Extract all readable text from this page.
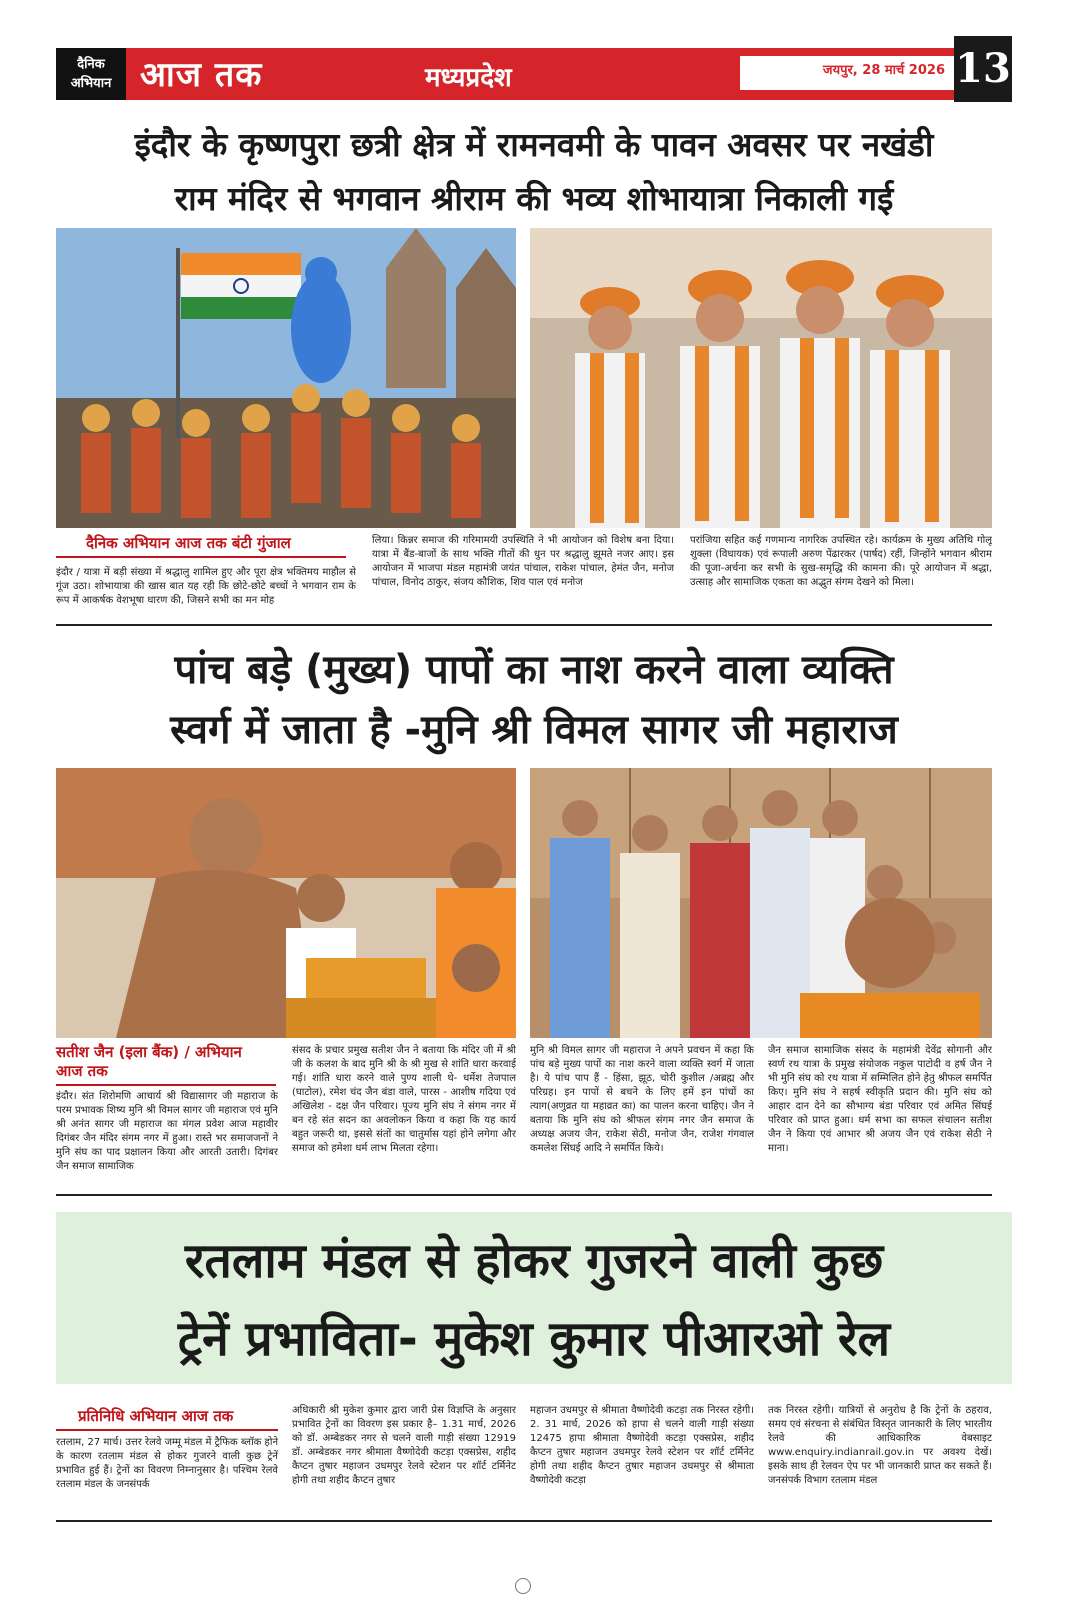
दैनिक
अभियान आज तक	मध्यप्रदेश	जयपुर, 28 मार्च 2026 13
इंदौर के कृष्णपुरा छत्री क्षेत्र में रामनवमी के पावन अवसर पर नखंडी
राम मंदिर से भगवान श्रीराम की भव्य शोभायात्रा निकाली गई
दैनिक अभियान आज तक बंटी गुंजाल
इंदौर / यात्रा में बड़ी संख्या में श्रद्धालु शामिल हुए और पूरा क्षेत्र भक्तिमय माहौल से गूंज उठा। शोभायात्रा की खास बात यह रही कि छोटे-छोटे बच्चों ने भगवान राम के रूप में आकर्षक वेशभूषा धारण की, जिसने सभी का मन मोह
लिया। किन्नर समाज की गरिमामयी उपस्थिति ने भी आयोजन को विशेष बना दिया। यात्रा में बैंड-बाजों के साथ भक्ति गीतों की धुन पर श्रद्धालु झूमते नजर आए। इस आयोजन में भाजपा मंडल महामंत्री जयंत पांचाल, राकेश पांचाल, हेमंत जैन, मनोज पांचाल, विनोद ठाकुर, संजय कौशिक, शिव पाल एवं मनोज
परांजिया सहित कई गणमान्य नागरिक उपस्थित रहे। कार्यक्रम के मुख्य अतिथि गोलू शुक्ला (विधायक) एवं रूपाली अरुण पेंढारकर (पार्षद) रहीं, जिन्होंने भगवान श्रीराम की पूजा-अर्चना कर सभी के सुख-समृद्धि की कामना की। पूरे आयोजन में श्रद्धा, उत्साह और सामाजिक एकता का अद्भुत संगम देखने को मिला।
पांच बड़े (मुख्य) पापों का नाश करने वाला व्यक्ति
स्वर्ग में जाता है -मुनि श्री विमल सागर जी महाराज
सतीश जैन (इला बैंक) / अभियान
आज तक
इंदौर। संत शिरोमणि आचार्य श्री विद्यासागर जी महाराज के परम प्रभावक शिष्य मुनि श्री विमल सागर जी महाराज एवं मुनि श्री अनंत सागर जी महाराज का मंगल प्रवेश आज महावीर दिगंबर जैन मंदिर संगम नगर में हुआ। रास्ते भर समाजजनों ने मुनि संघ का पाद प्रक्षालन किया और आरती उतारी। दिगंबर जैन समाज सामाजिक
संसद के प्रचार प्रमुख सतीश जैन ने बताया कि मंदिर जी में श्री जी के कलश के बाद मुनि श्री के श्री मुख से शांति धारा करवाई गई। शांति धारा करने वाले पुण्य शाली थे- धर्मेश तेजपाल (घाटोल), रमेश चंद जैन बंडा वाले, पारस - आशीष गदिया एवं अखिलेश - दक्ष जैन परिवार। पूज्य मुनि संघ ने संगम नगर में बन रहे संत सदन का अवलोकन किया व कहा कि यह कार्य बहुत जरूरी था, इससे संतों का चातुर्मास यहां होने लगेगा और समाज को हमेशा धर्म लाभ मिलता रहेगा।
मुनि श्री विमल सागर जी महाराज ने अपने प्रवचन में कहा कि पांच बड़े मुख्य पापों का नाश करने वाला व्यक्ति स्वर्ग में जाता है। ये पांच पाप हैं - हिंसा, झूठ, चोरी कुशील /अब्रह्म और परिग्रह। इन पापों से बचने के लिए हमें इन पांचों का त्याग(अणुव्रत या महाव्रत का) का पालन करना चाहिए। जैन ने बताया कि मुनि संघ को श्रीफल संगम नगर जैन समाज के अध्यक्ष अजय जैन, राकेश सेठी, मनोज जैन, राजेश गंगवाल कमलेश सिंघई आदि ने समर्पित किये।
जैन समाज सामाजिक संसद के महामंत्री देवेंद्र सोगानी और स्वर्ण रथ यात्रा के प्रमुख संयोजक नकुल पाटोदी व हर्ष जैन ने भी मुनि संघ को रथ यात्रा में सम्मिलित होने हेतु श्रीफल समर्पित किए। मुनि संघ ने सहर्ष स्वीकृति प्रदान की। मुनि संघ को आहार दान देने का सौभाग्य बंडा परिवार एवं अमित सिंघई परिवार को प्राप्त हुआ। धर्म सभा का सफल संचालन सतीश जैन ने किया एवं आभार श्री अजय जैन एवं राकेश सेठी ने माना।
रतलाम मंडल से होकर गुजरने वाली कुछ
ट्रेनें प्रभाविता- मुकेश कुमार पीआरओ रेल
प्रतिनिधि अभियान आज तक
रतलाम, 27 मार्च। उत्तर रेलवे जम्मू मंडल में ट्रैफिक ब्लॉक होने के कारण रतलाम मंडल से होकर गुजरने वाली कुछ ट्रेनें प्रभावित हुई हैं। ट्रेनों का विवरण निम्नानुसार है। पश्चिम रेलवे रतलाम मंडल के जनसंपर्क
अधिकारी श्री मुकेश कुमार द्वारा जारी प्रेस विज्ञप्ति के अनुसार प्रभावित ट्रेनों का विवरण इस प्रकार है– 1.31 मार्च, 2026 को डॉ. अम्बेडकर नगर से चलने वाली गाड़ी संख्या 12919 डॉ. अम्बेडकर नगर श्रीमाता वैष्णोदेवी कटड़ा एक्सप्रेस, शहीद कैप्टन तुषार महाजन उधमपुर रेलवे स्टेशन पर शॉर्ट टर्मिनेट होगी तथा शहीद कैप्टन तुषार
महाजन उधमपुर से श्रीमाता वैष्णोदेवी कटड़ा तक निरस्त रहेगी। 2. 31 मार्च, 2026 को हापा से चलने वाली गाड़ी संख्या 12475 हापा श्रीमाता वैष्णोदेवी कटड़ा एक्सप्रेस, शहीद कैप्टन तुषार महाजन उधमपुर रेलवे स्टेशन पर शॉर्ट टर्मिनेट होगी तथा शहीद कैप्टन तुषार महाजन उधमपुर से श्रीमाता वैष्णोदेवी कटड़ा
तक निरस्त रहेगी। यात्रियों से अनुरोध है कि ट्रेनों के ठहराव, समय एवं संरचना से संबंधित विस्तृत जानकारी के लिए भारतीय रेलवे की आधिकारिक वेबसाइट www.enquiry.indianrail.gov.in पर अवश्य देखें। इसके साथ ही रेलवन ऐप पर भी जानकारी प्राप्त कर सकते हैं। जनसंपर्क विभाग रतलाम मंडल
